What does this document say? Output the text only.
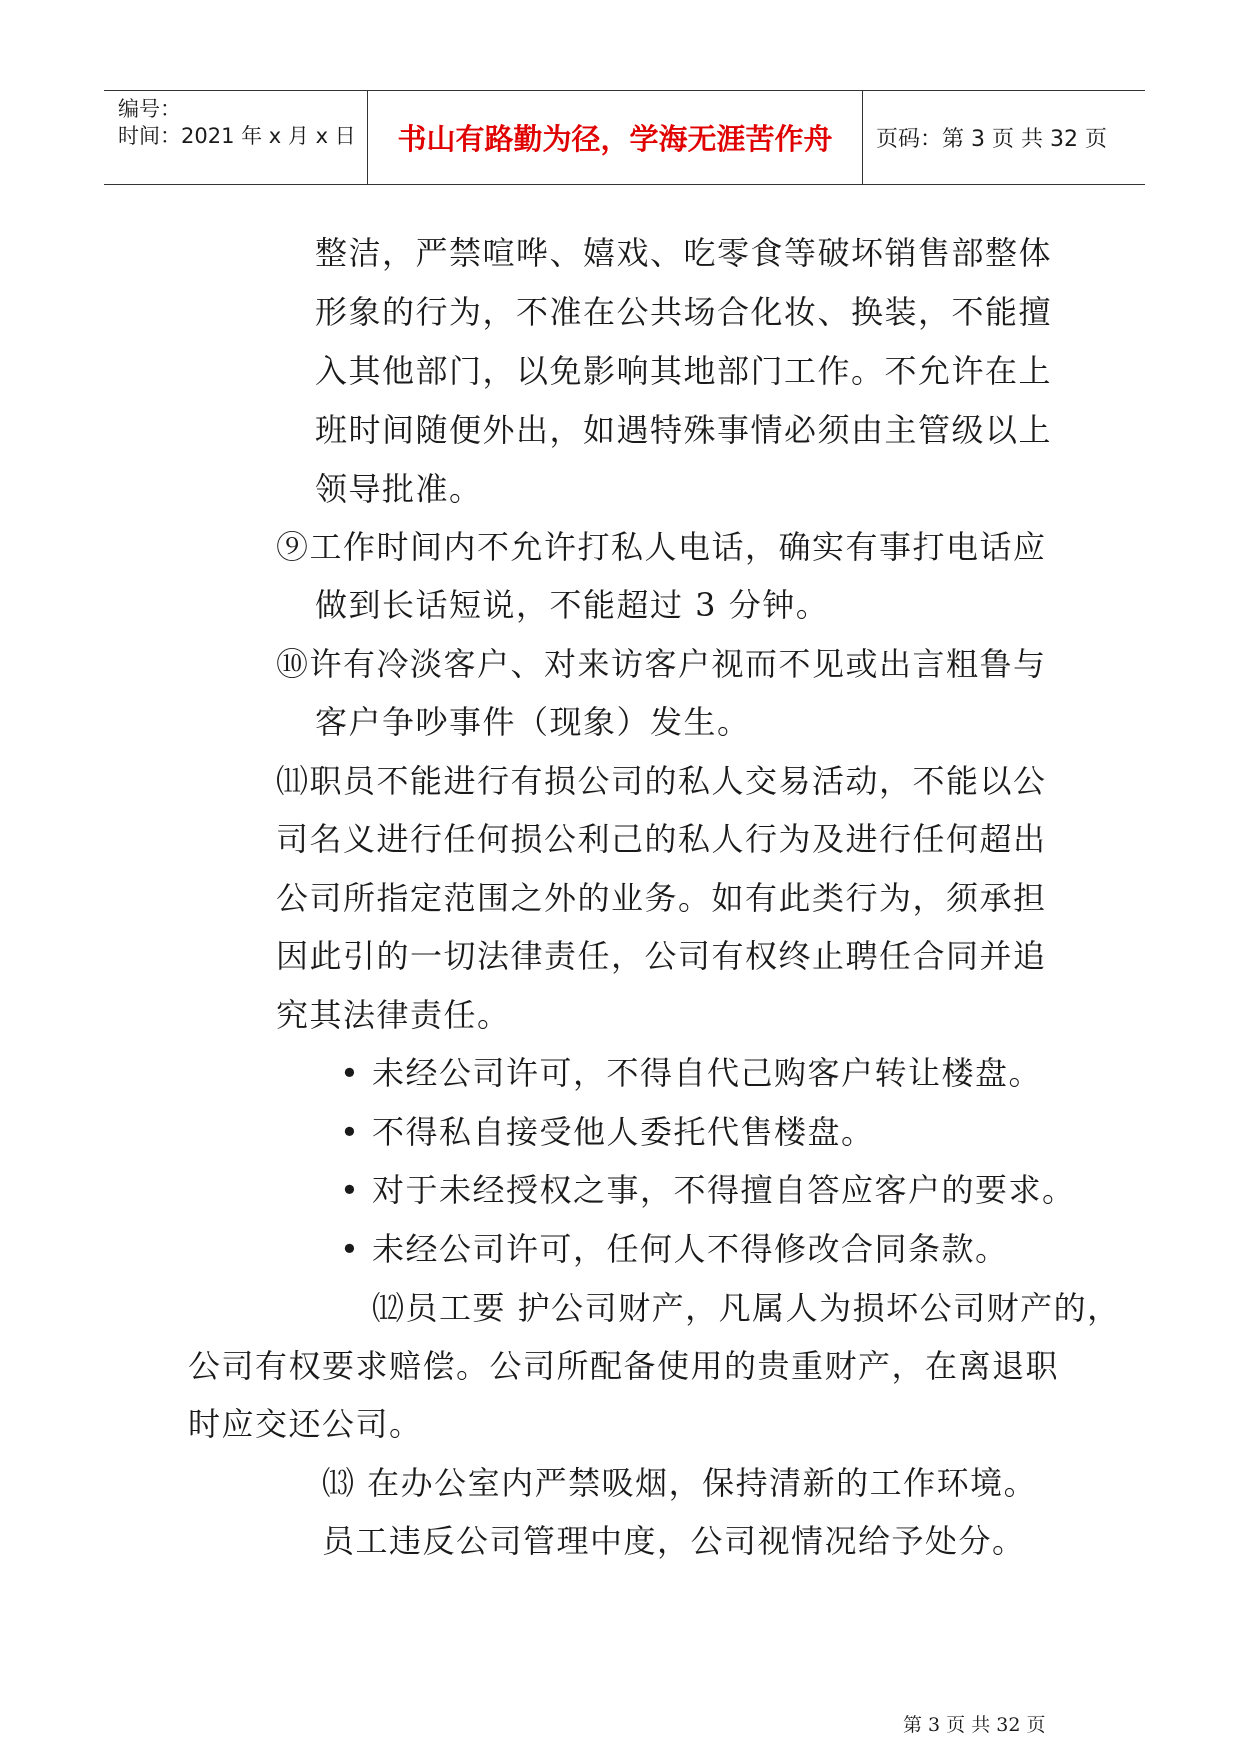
编号：
时间：2021 年 x 月 x 日	书山有路勤为径，学海无涯苦作舟	页码：第 3 页 共 32 页
整洁，严禁喧哗、嬉戏、吃零食等破坏销售部整体
形象的行为，不准在公共场合化妆、换装，不能擅
入其他部门，以免影响其地部门工作。不允许在上
班时间随便外出，如遇特殊事情必须由主管级以上
领导批准。
⑨工作时间内不允许打私人电话，确实有事打电话应
做到长话短说，不能超过 3 分钟。
⑩许有冷淡客户、对来访客户视而不见或出言粗鲁与
客户争吵事件（现象）发生。
⑾职员不能进行有损公司的私人交易活动，不能以公
司名义进行任何损公利己的私人行为及进行任何超出
公司所指定范围之外的业务。如有此类行为，须承担
因此引的一切法律责任，公司有权终止聘任合同并追
究其法律责任。
• 未经公司许可，不得自代己购客户转让楼盘。
• 不得私自接受他人委托代售楼盘。
• 对于未经授权之事，不得擅自答应客户的要求。
• 未经公司许可，任何人不得修改合同条款。
⑿员工要 护公司财产，凡属人为损坏公司财产的，
公司有权要求赔偿。公司所配备使用的贵重财产，在离退职
时应交还公司。
⒀ 在办公室内严禁吸烟，保持清新的工作环境。
员工违反公司管理中度，公司视情况给予处分。
第 3 页 共 32 页
